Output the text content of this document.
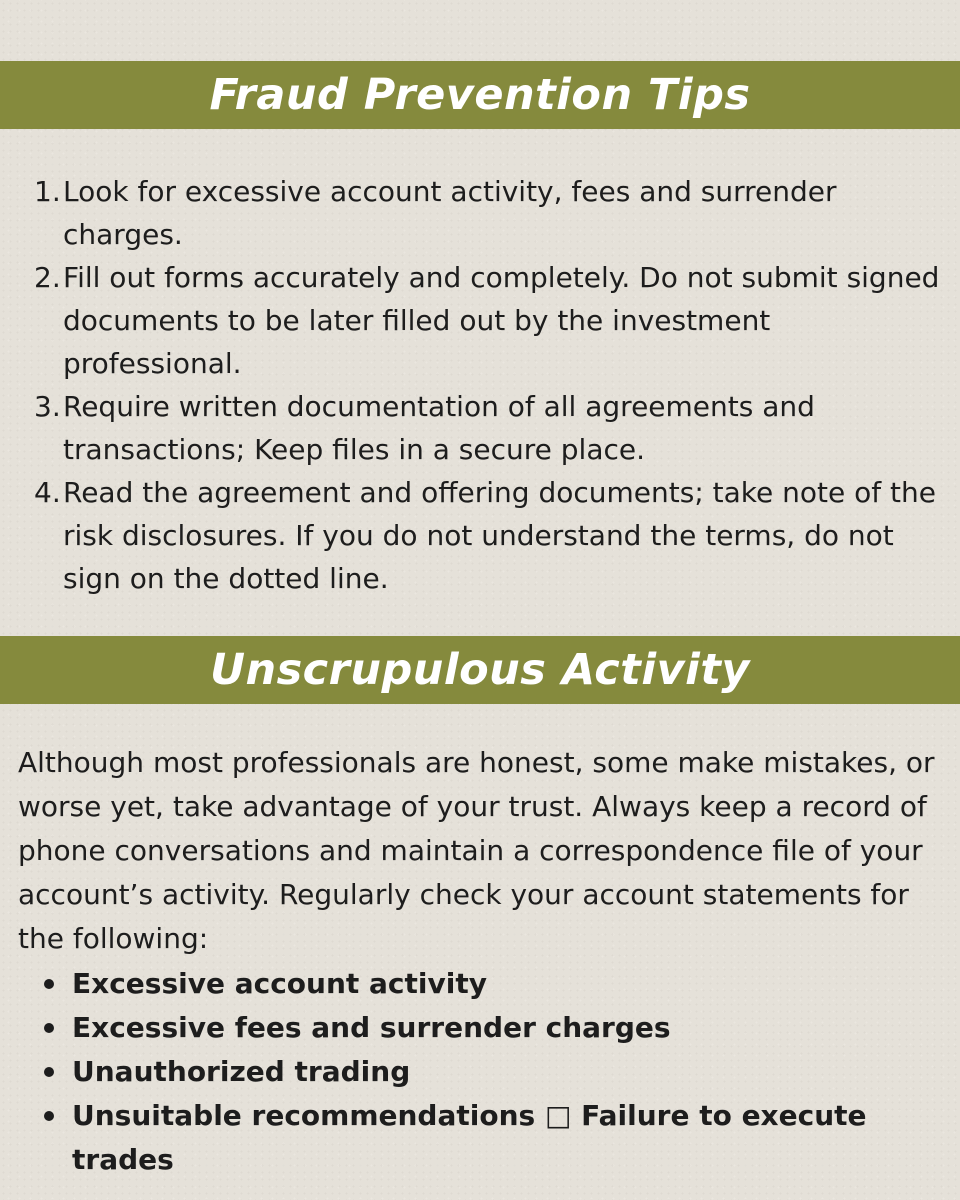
Fraud Prevention Tips
1. Look for excessive account activity, fees and surrender charges.
2. Fill out forms accurately and completely. Do not submit signed documents to be later filled out by the investment professional.
3. Require written documentation of all agreements and transactions; Keep files in a secure place.
4. Read the agreement and offering documents; take note of the risk disclosures. If you do not understand the terms, do not sign on the dotted line.
Unscrupulous Activity

Although most professionals are honest, some make mistakes, or worse yet, take advantage of your trust. Always keep a record of phone conversations and maintain a correspondence file of your account’s activity. Regularly check your account statements for the following:

Excessive account activity
Excessive fees and surrender charges
Unauthorized trading
Unsuitable recommendations □ Failure to execute trades
